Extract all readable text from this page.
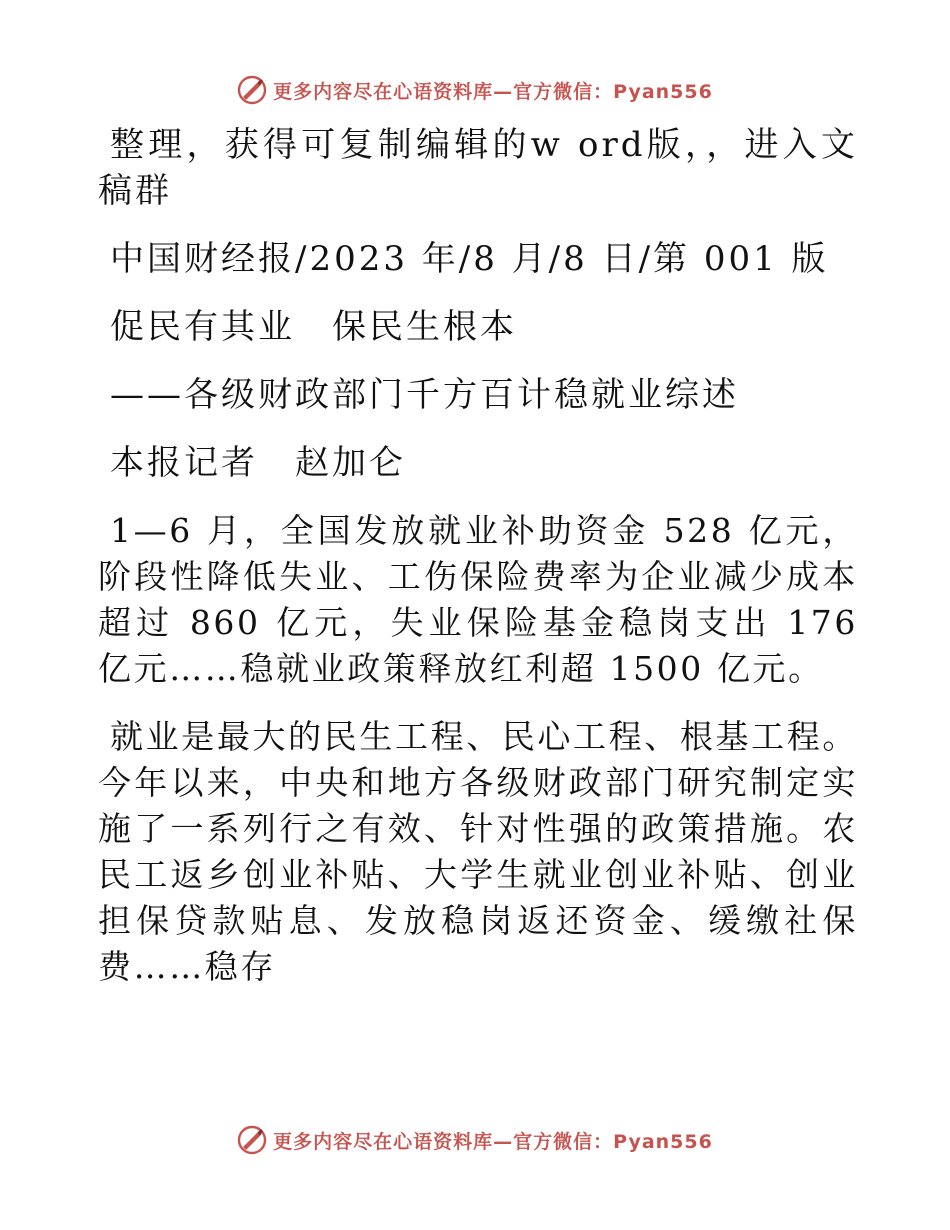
更多内容尽在心语资料库—官方微信：Pyan556

整理，获得可复制编辑的w ord版，，进入文稿群

中国财经报/2023 年/8 月/8 日/第 001 版

促民有其业　保民生根本

——各级财政部门千方百计稳就业综述

本报记者　赵加仑

1—6 月，全国发放就业补助资金 528 亿元，阶段性降低失业、工伤保险费率为企业减少成本超过 860 亿元，失业保险基金稳岗支出 176 亿元……稳就业政策释放红利超 1500 亿元。

就业是最大的民生工程、民心工程、根基工程。今年以来，中央和地方各级财政部门研究制定实施了一系列行之有效、针对性强的政策措施。农民工返乡创业补贴、大学生就业创业补贴、创业担保贷款贴息、发放稳岗返还资金、缓缴社保费……稳存

更多内容尽在心语资料库—官方微信：Pyan556
